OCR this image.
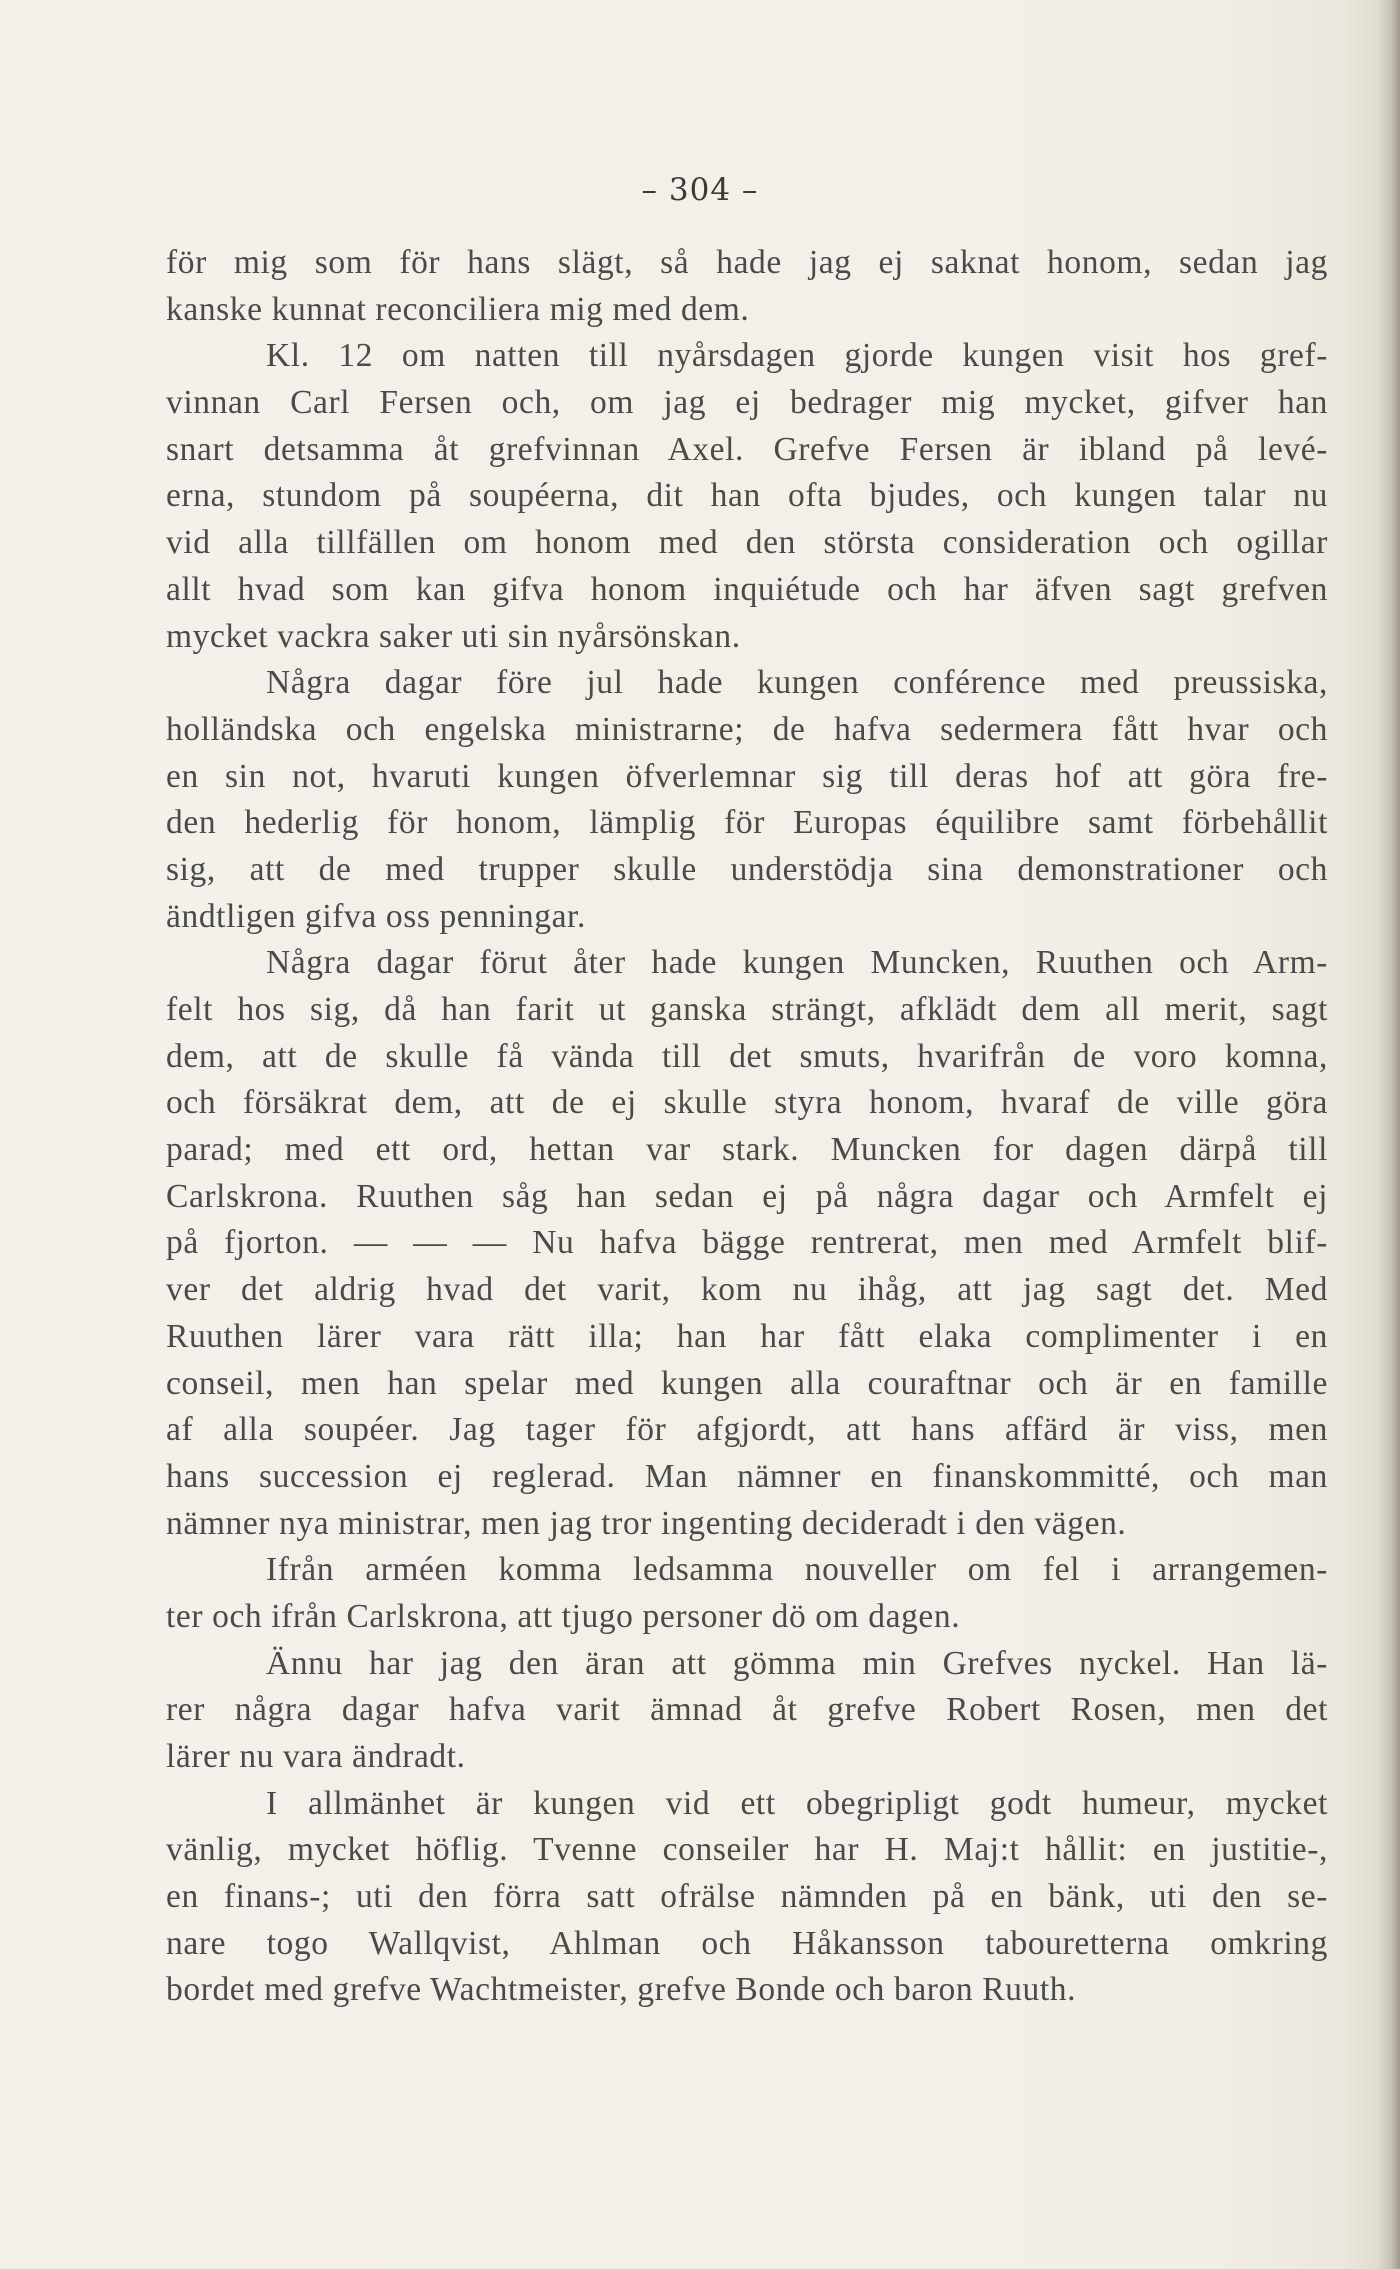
– 304 –
för mig som för hans slägt, så hade jag ej saknat honom, sedan jag
kanske kunnat reconciliera mig med dem.
Kl. 12 om natten till nyårsdagen gjorde kungen visit hos gref-
vinnan Carl Fersen och, om jag ej bedrager mig mycket, gifver han
snart detsamma åt grefvinnan Axel. Grefve Fersen är ibland på levé-
erna, stundom på soupéerna, dit han ofta bjudes, och kungen talar nu
vid alla tillfällen om honom med den största consideration och ogillar
allt hvad som kan gifva honom inquiétude och har äfven sagt grefven
mycket vackra saker uti sin nyårsönskan.
Några dagar före jul hade kungen conférence med preussiska,
holländska och engelska ministrarne; de hafva sedermera fått hvar och
en sin not, hvaruti kungen öfverlemnar sig till deras hof att göra fre-
den hederlig för honom, lämplig för Europas équilibre samt förbehållit
sig, att de med trupper skulle understödja sina demonstrationer och
ändtligen gifva oss penningar.
Några dagar förut åter hade kungen Muncken, Ruuthen och Arm-
felt hos sig, då han farit ut ganska strängt, afklädt dem all merit, sagt
dem, att de skulle få vända till det smuts, hvarifrån de voro komna,
och försäkrat dem, att de ej skulle styra honom, hvaraf de ville göra
parad; med ett ord, hettan var stark. Muncken for dagen därpå till
Carlskrona. Ruuthen såg han sedan ej på några dagar och Armfelt ej
på fjorton. — — — Nu hafva bägge rentrerat, men med Armfelt blif-
ver det aldrig hvad det varit, kom nu ihåg, att jag sagt det. Med
Ruuthen lärer vara rätt illa; han har fått elaka complimenter i en
conseil, men han spelar med kungen alla couraftnar och är en famille
af alla soupéer. Jag tager för afgjordt, att hans affärd är viss, men
hans succession ej reglerad. Man nämner en finanskommitté, och man
nämner nya ministrar, men jag tror ingenting decideradt i den vägen.
Ifrån arméen komma ledsamma nouveller om fel i arrangemen-
ter och ifrån Carlskrona, att tjugo personer dö om dagen.
Ännu har jag den äran att gömma min Grefves nyckel. Han lä-
rer några dagar hafva varit ämnad åt grefve Robert Rosen, men det
lärer nu vara ändradt.
I allmänhet är kungen vid ett obegripligt godt humeur, mycket
vänlig, mycket höflig. Tvenne conseiler har H. Maj:t hållit: en justitie-,
en finans-; uti den förra satt ofrälse nämnden på en bänk, uti den se-
nare togo Wallqvist, Ahlman och Håkansson tabouretterna omkring
bordet med grefve Wachtmeister, grefve Bonde och baron Ruuth.
